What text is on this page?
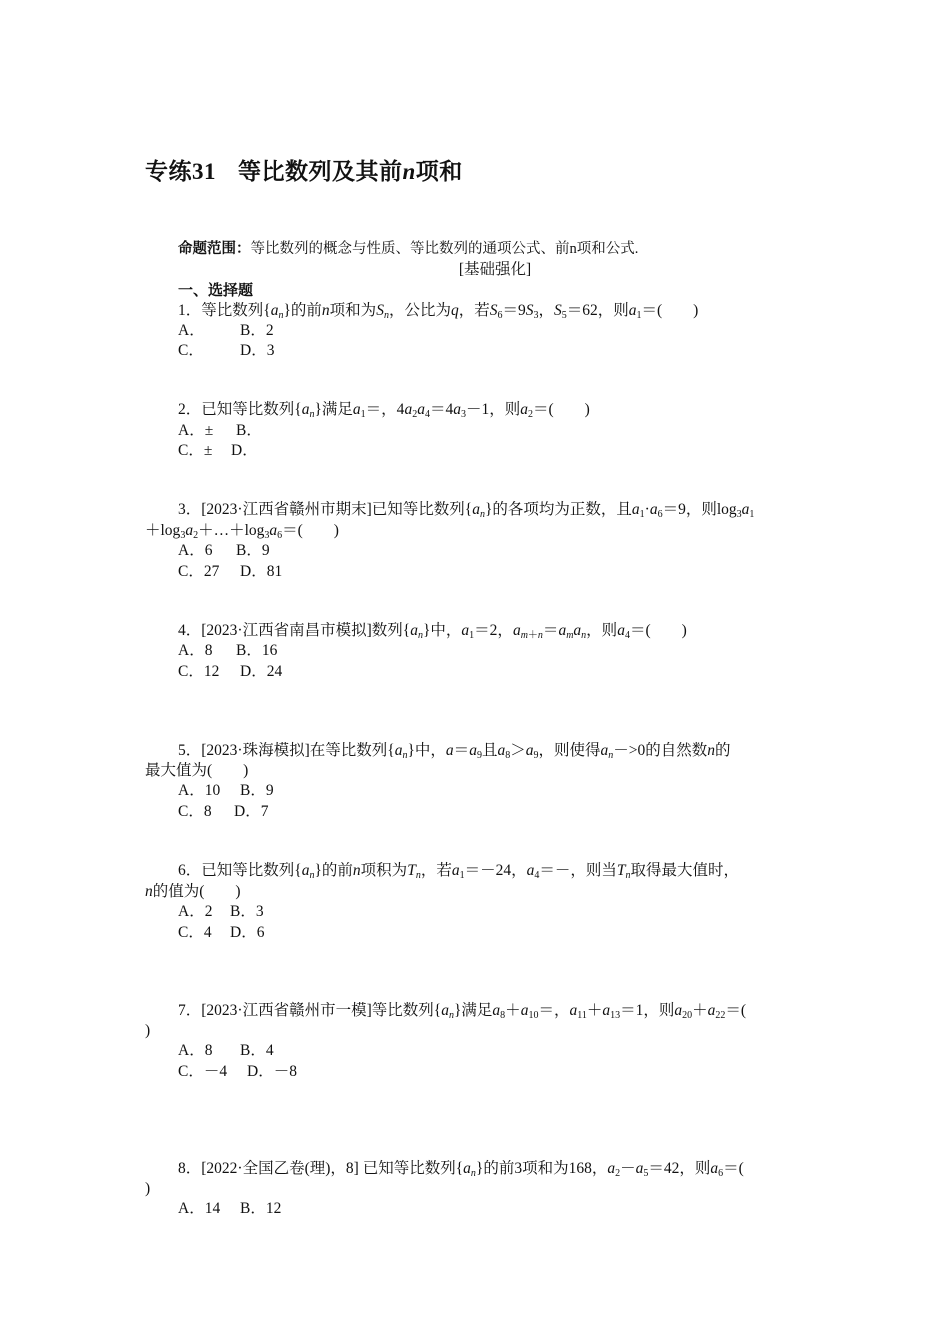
专练31 等比数列及其前n项和
命题范围：等比数列的概念与性质、等比数列的通项公式、前n项和公式.
[基础强化]
一、选择题
1．等比数列$\{a_n\}$的前n项和为$S_n$，公比为q，若$S_6=9S_3$，$S_5=62$，则$a_1=$(　　)
A． B．2
C． D．3
2．已知等比数列$\{a_n\}$满足$a_1=$，$4a_2a_4=4a_3-1$，则$a_2=$(　　)
A．± B．
C．± D．
3．[2023·江西省赣州市期末]已知等比数列$\{a_n\}$的各项均为正数，且$a_1\cdot a_6=9$，则$\log_3a_1$
$+\log_3a_2+\dots+\log_3a_6=$(　　)
A．6 B．9
C．27 D．81
4．[2023·江西省南昌市模拟]数列$\{a_n\}$中，$a_1=2$，$a_{m+n}=a_ma_n$，则$a_4=$(　　)
A．8 B．16
C．12 D．24
5．[2023·珠海模拟]在等比数列$\{a_n\}$中，$a=a_9$且$a_8>a_9$，则使得$a_n->0$的自然数n的
最大值为(　　)
A．10 B．9
C．8 D．7
6．已知等比数列$\{a_n\}$的前n项积为$T_n$，若$a_1=-24$，$a_4=-$，则当$T_n$取得最大值时，
n的值为(　　)
A．2 B．3
C．4 D．6
7．[2023·江西省赣州市一模]等比数列$\{a_n\}$满足$a_8+a_{10}=$，$a_{11}+a_{13}=1$，则$a_{20}+a_{22}=$(
)
A．8 B．4
C．－4 D．－8
8．[2022·全国乙卷(理)，8] 已知等比数列$\{a_n\}$的前3项和为168，$a_2-a_5=42$，则$a_6=$(
)
A．14 B．12
